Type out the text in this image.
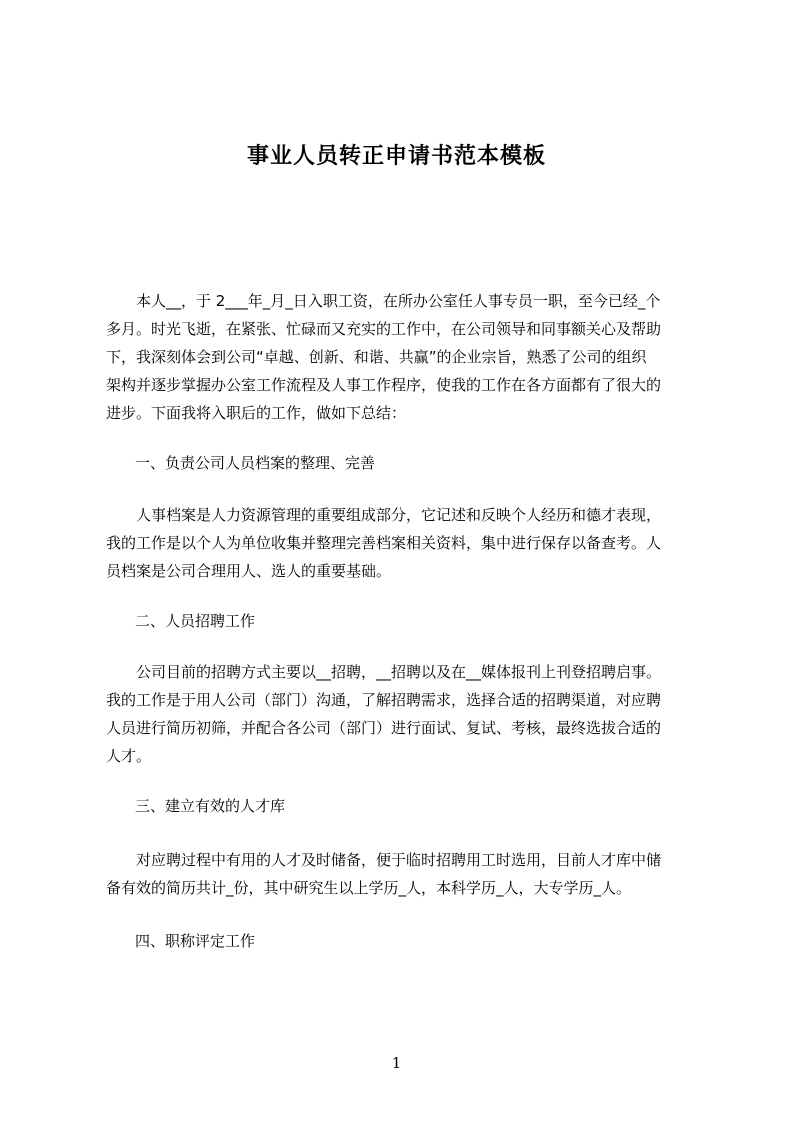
事业人员转正申请书范本模板
　　本人__，于 2___年_月_日入职工资，在所办公室任人事专员一职，至今已经_个
多月。时光飞逝，在紧张、忙碌而又充实的工作中，在公司领导和同事额关心及帮助
下，我深刻体会到公司“卓越、创新、和谐、共赢”的企业宗旨，熟悉了公司的组织
架构并逐步掌握办公室工作流程及人事工作程序，使我的工作在各方面都有了很大的
进步。下面我将入职后的工作，做如下总结：
一、负责公司人员档案的整理、完善
　　人事档案是人力资源管理的重要组成部分，它记述和反映个人经历和德才表现，
我的工作是以个人为单位收集并整理完善档案相关资料，集中进行保存以备查考。人
员档案是公司合理用人、选人的重要基础。
二、人员招聘工作
　　公司目前的招聘方式主要以__招聘，__招聘以及在__媒体报刊上刊登招聘启事。
我的工作是于用人公司（部门）沟通，了解招聘需求，选择合适的招聘渠道，对应聘
人员进行简历初筛，并配合各公司（部门）进行面试、复试、考核，最终选拔合适的
人才。
三、建立有效的人才库
　　对应聘过程中有用的人才及时储备，便于临时招聘用工时选用，目前人才库中储
备有效的简历共计_份，其中研究生以上学历_人，本科学历_人，大专学历_人。
四、职称评定工作
1
